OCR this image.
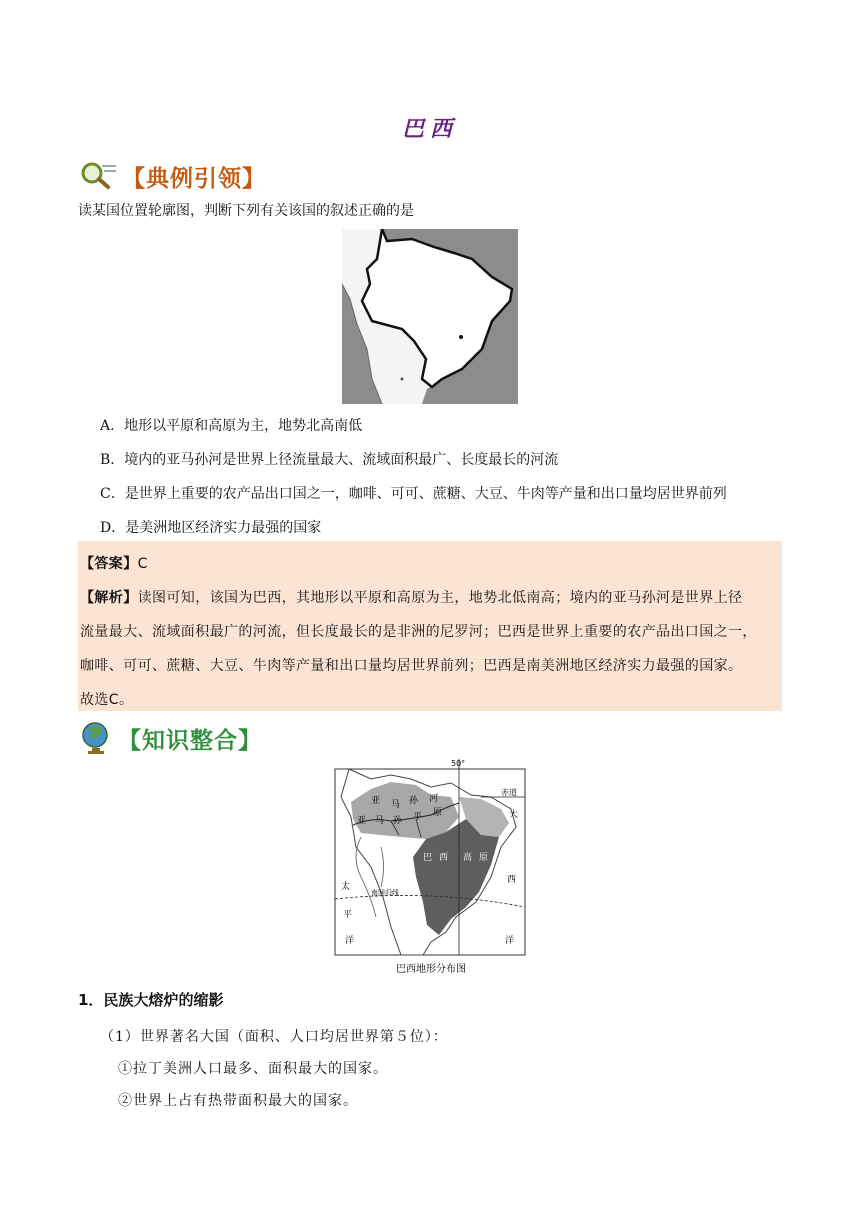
巴西
【典例引领】
读某国位置轮廓图，判断下列有关该国的叙述正确的是
A．地形以平原和高原为主，地势北高南低
B．境内的亚马孙河是世界上径流量最大、流域面积最广、长度最长的河流
C．是世界上重要的农产品出口国之一，咖啡、可可、蔗糖、大豆、牛肉等产量和出口量均居世界前列
D．是美洲地区经济实力最强的国家

【答案】C

【解析】读图可知，该国为巴西，其地形以平原和高原为主，地势北低南高；境内的亚马孙河是世界上径

流量最大、流域面积最广的河流，但长度最长的是非洲的尼罗河；巴西是世界上重要的农产品出口国之一，

咖啡、可可、蔗糖、大豆、牛肉等产量和出口量均居世界前列；巴西是南美洲地区经济实力最强的国家。

故选C。

【知识整合】
50°
赤道
亚 马 孙 河
亚 马 孙 平 原
巴 西 高 原
南回归线
大
西
洋
太
平
洋
巴西地形分布图
1．民族大熔炉的缩影
（1）世界著名大国（面积、人口均居世界第５位）：
①拉丁美洲人口最多、面积最大的国家。
②世界上占有热带面积最大的国家。
